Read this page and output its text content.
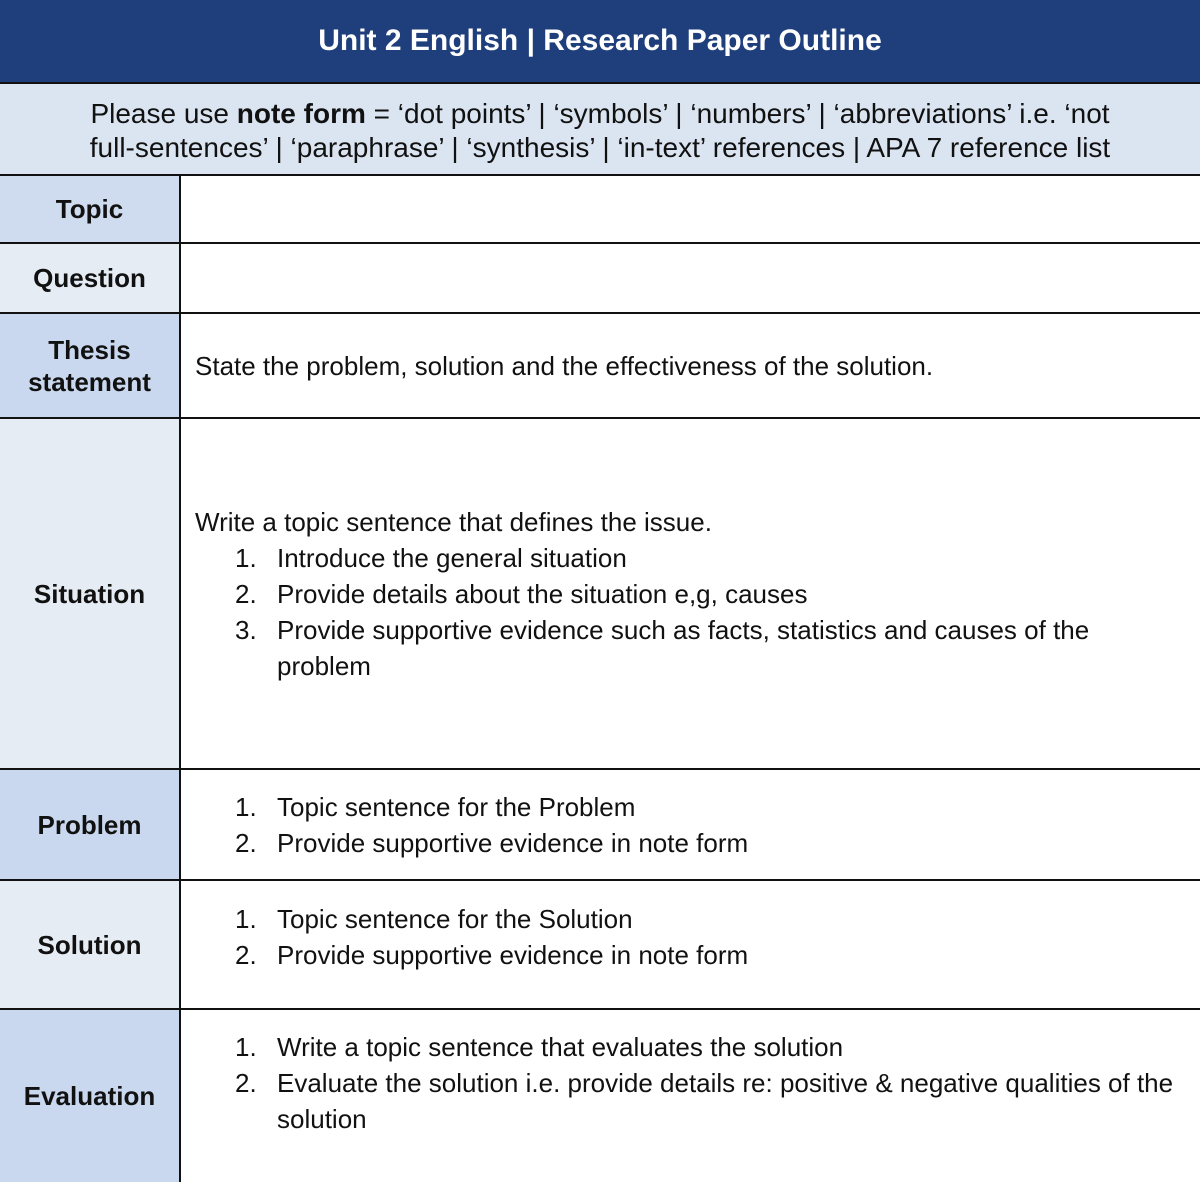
Unit 2 English | Research Paper Outline
Please use note form = ‘dot points’ | ‘symbols’ | ‘numbers’ | ‘abbreviations’ i.e. ‘not
full-sentences’ | ‘paraphrase’ | ‘synthesis’ | ‘in-text’ references | APA 7 reference list
Topic
Question
Thesis
statement
State the problem, solution and the effectiveness of the solution.
Situation
Write a topic sentence that defines the issue.
1. Introduce the general situation
2. Provide details about the situation e,g, causes
3. Provide supportive evidence such as facts, statistics and causes of the problem
Problem
1. Topic sentence for the Problem
2. Provide supportive evidence in note form
Solution
1. Topic sentence for the Solution
2. Provide supportive evidence in note form
Evaluation
1. Write a topic sentence that evaluates the solution
2. Evaluate the solution i.e. provide details re: positive & negative qualities of the solution
